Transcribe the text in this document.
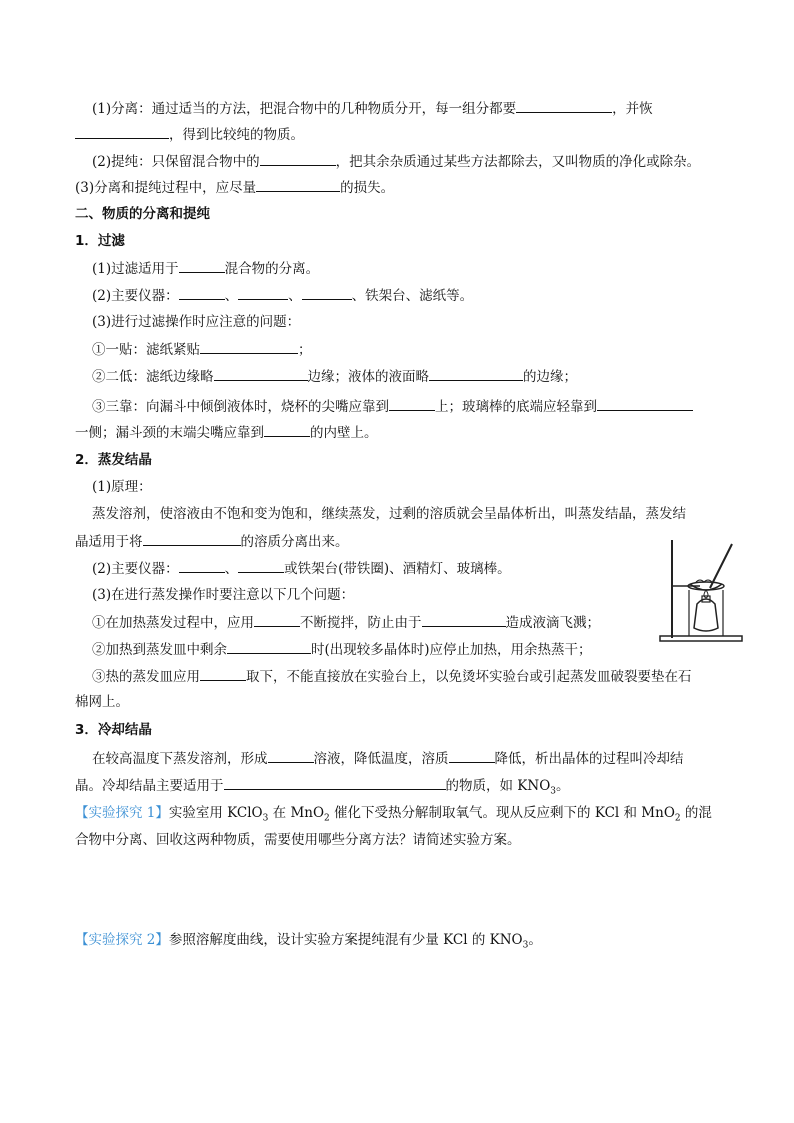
(1)分离：通过适当的方法，把混合物中的几种物质分开，每一组分都要	，并恢
，得到比较纯的物质。
(2)提纯：只保留混合物中的	，把其余杂质通过某些方法都除去，又叫物质的净化或除杂。
(3)分离和提纯过程中，应尽量	的损失。
二、物质的分离和提纯
1．过滤
(1)过滤适用于	混合物的分离。
(2)主要仪器：	、	、	、铁架台、滤纸等。
(3)进行过滤操作时应注意的问题：
①一贴：滤纸紧贴	；
②二低：滤纸边缘略	边缘；液体的液面略	的边缘；
③三靠：向漏斗中倾倒液体时，烧杯的尖嘴应靠到	上；玻璃棒的底端应轻靠到
一侧；漏斗颈的末端尖嘴应靠到	的内壁上。
2．蒸发结晶
(1)原理：
蒸发溶剂，使溶液由不饱和变为饱和，继续蒸发，过剩的溶质就会呈晶体析出，叫蒸发结晶，蒸发结
晶适用于将	的溶质分离出来。
(2)主要仪器：	、	或铁架台(带铁圈)、酒精灯、玻璃棒。
(3)在进行蒸发操作时要注意以下几个问题：
①在加热蒸发过程中，应用	不断搅拌，防止由于	造成液滴飞溅；
②加热到蒸发皿中剩余	时(出现较多晶体时)应停止加热，用余热蒸干；
③热的蒸发皿应用	取下，不能直接放在实验台上，以免烫坏实验台或引起蒸发皿破裂要垫在石
棉网上。
3．冷却结晶
在较高温度下蒸发溶剂，形成	溶液，降低温度，溶质	降低，析出晶体的过程叫冷却结
晶。冷却结晶主要适用于	的物质，如 $KNO_3$。
【实验探究 1】实验室用 KClO$_3$ 在 MnO$_2$ 催化下受热分解制取氧气。现从反应剩下的 KCl 和 MnO$_2$ 的混
合物中分离、回收这两种物质，需要使用哪些分离方法？请简述实验方案。
【实验探究 2】参照溶解度曲线，设计实验方案提纯混有少量 KCl 的 $KNO_3$。
